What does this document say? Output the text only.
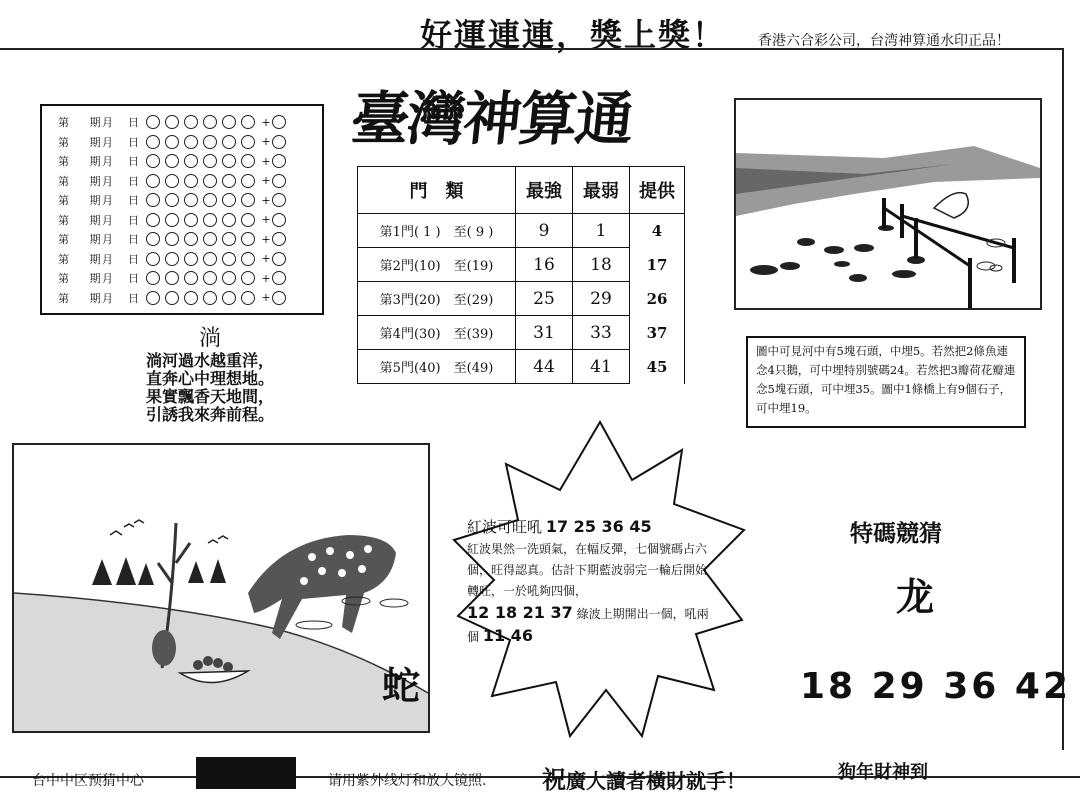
好運連連，獎上獎！ 香港六合彩公司，台湾神算通水印正品！
臺灣神算通
第	期 月	日	+
第	期 月	日	+
第	期 月	日	+
第	期 月	日	+
第	期 月	日	+
第	期 月	日	+
第	期 月	日	+
第	期 月	日	+
第	期 月	日	+
第	期 月	日	+
門　類	最強	最弱	提供
第1門( 1 )　至( 9 )	9	1	4
第2門(10)　至(19)	16	18	17
第3門(20)　至(29)	25	29	26
第4門(30)　至(39)	31	33	37
第5門(40)　至(49)	44	41	45
淌
淌河過水越重洋，
直奔心中理想地。
果實飄香天地間，
引誘我來奔前程。
圖中可見河中有5塊石頭，中埋5。若然把2條魚連念4只鵝，可中埋特別號碼24。若然把3瓣荷花瓣連念5塊石頭，可中埋35。圖中1條橋上有9個石子，可中埋19。
蛇
紅波可旺吼 17 25 36 45
紅波果然一洗頭氣，在幅反彈，七個號碼占六個，旺得認真。估計下期藍波弱完一輪后開始轉旺，一於吼夠四個，
12 18 21 37 綠波上期開出一個，吼兩個 11 46
特碼競猜
龙
18 29 36 42
台中中区预猜中心	请用紫外线灯和放大镜照. 祝廣大讀者橫財就手！	狗年財神到
